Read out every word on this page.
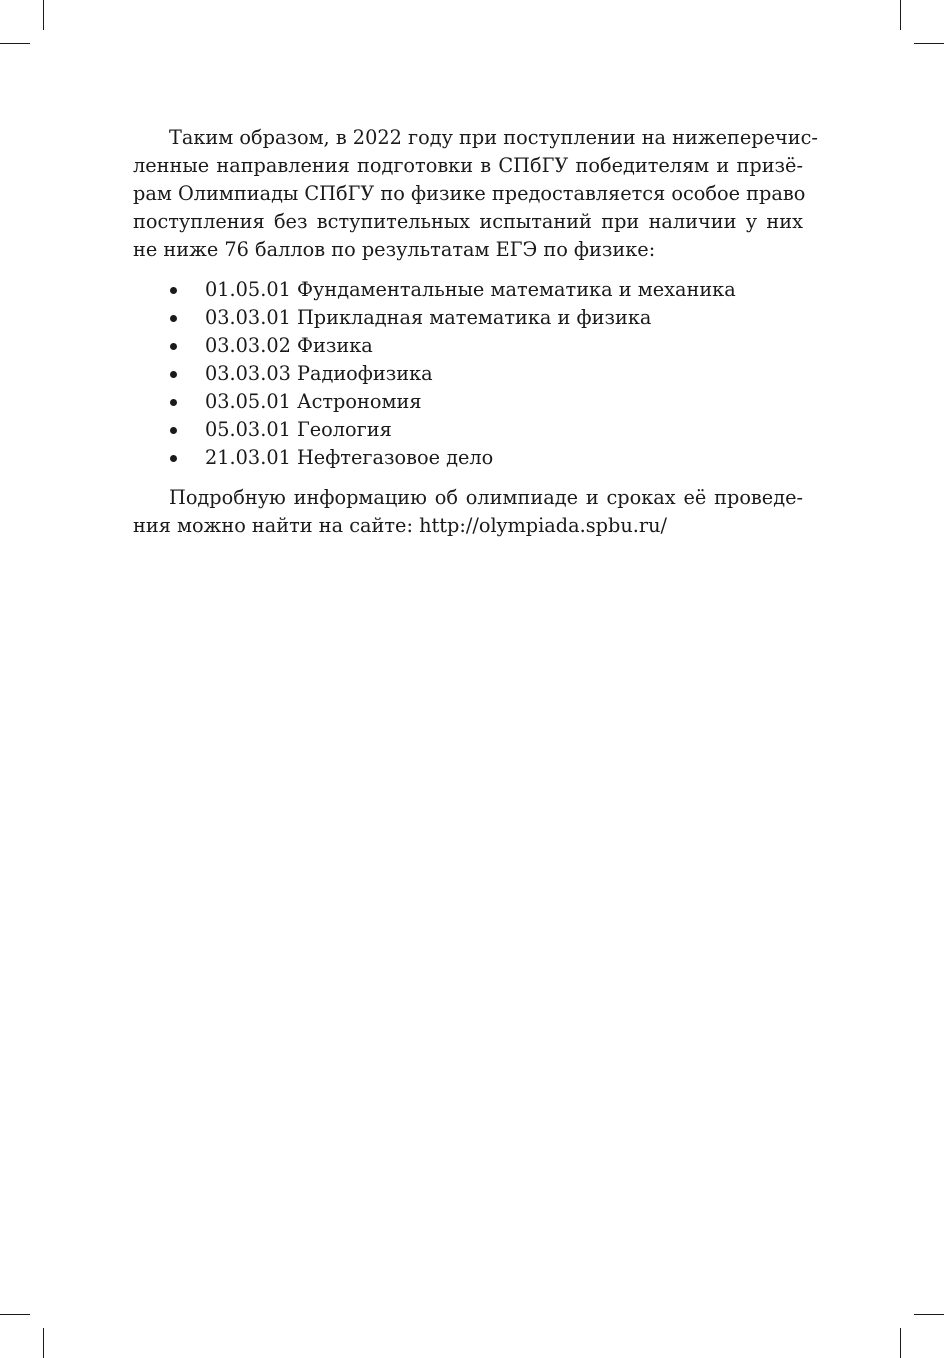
Таким образом, в 2022 году при поступлении на нижеперечис-
ленные направления подготовки в СПбГУ победителям и призё-
рам Олимпиады СПбГУ по физике предоставляется особое право
поступления без вступительных испытаний при наличии у них
не ниже 76 баллов по результатам ЕГЭ по физике:

01.05.01 Фундаментальные математика и механика
03.03.01 Прикладная математика и физика
03.03.02 Физика
03.03.03 Радиофизика
03.05.01 Астрономия
05.03.01 Геология
21.03.01 Нефтегазовое дело

Подробную информацию об олимпиаде и сроках её проведе-
ния можно найти на сайте: http://olympiada.spbu.ru/
